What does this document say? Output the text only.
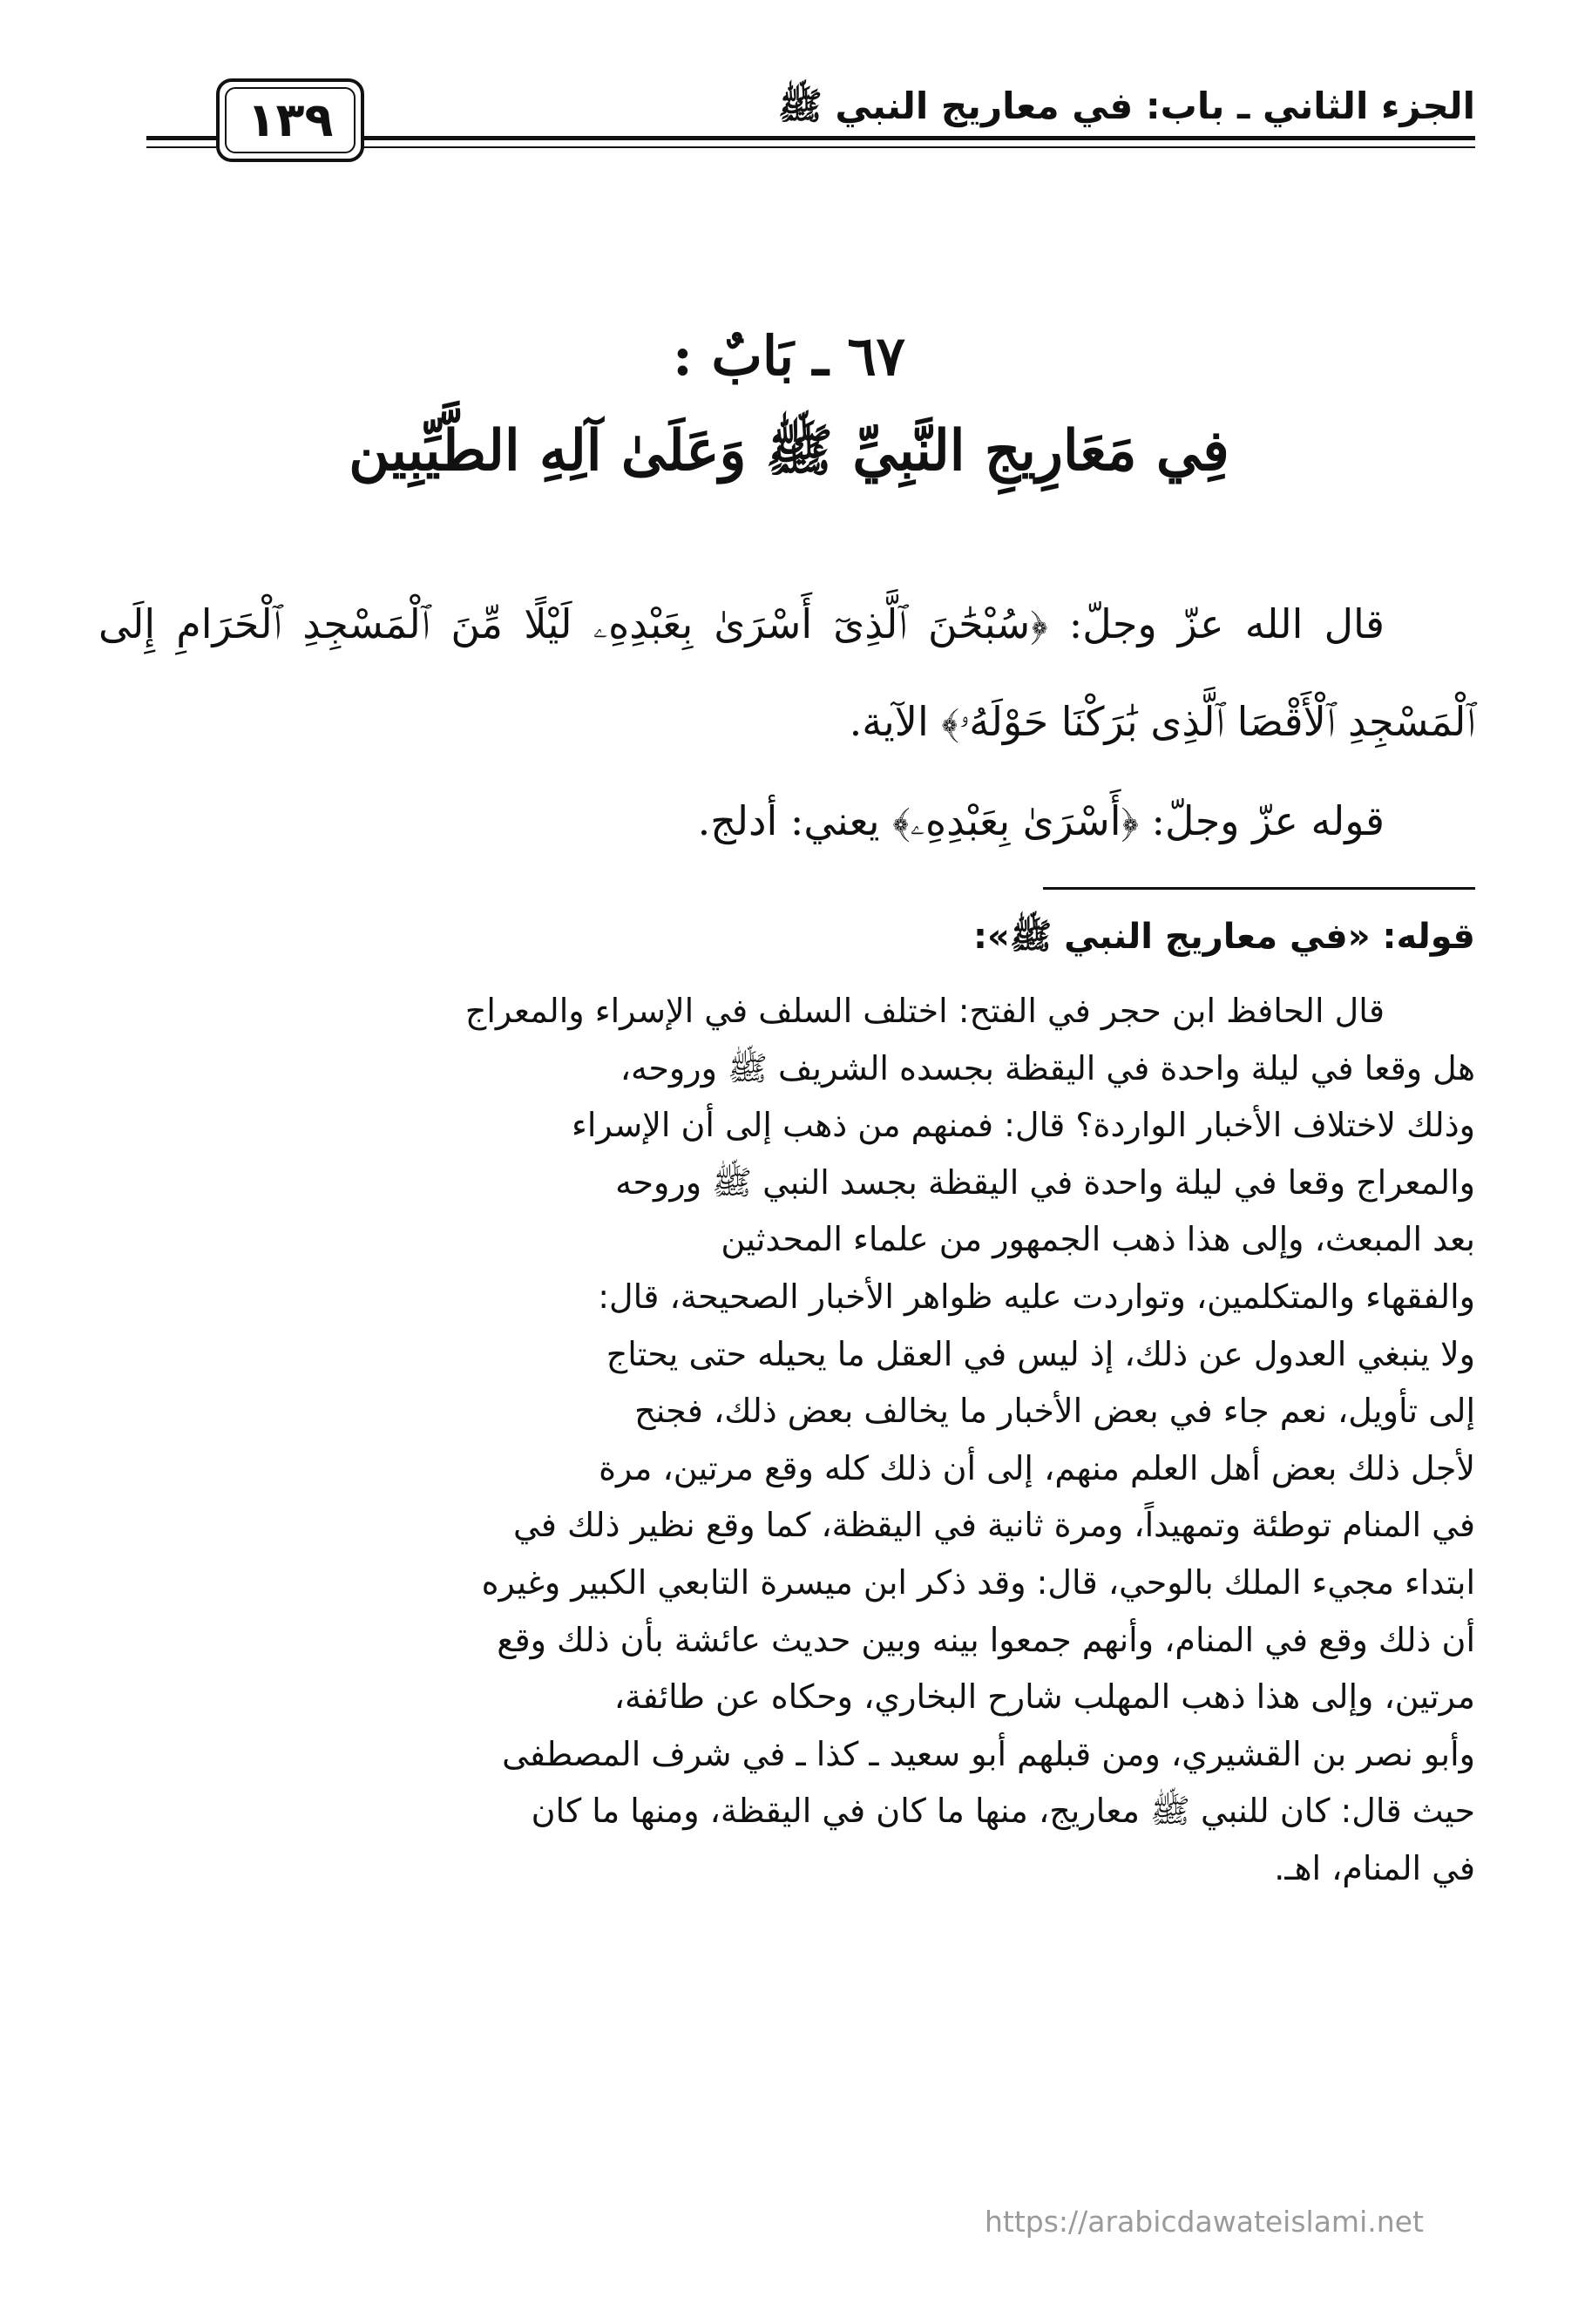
الجزء الثاني ـ باب: في معاريج النبي ﷺ
١٣٩
٦٧ ـ بَابٌ :
فِي مَعَارِيجِ النَّبِيِّ ﷺ وَعَلَىٰ آلِهِ الطَّيِّبِين
قال الله عزّ وجلّ: ﴿سُبْحَٰنَ ٱلَّذِىٓ أَسْرَىٰ بِعَبْدِهِۦ لَيْلًا مِّنَ ٱلْمَسْجِدِ ٱلْحَرَامِ إِلَى ٱلْمَسْجِدِ ٱلْأَقْصَا ٱلَّذِى بَٰرَكْنَا حَوْلَهُۥ﴾ الآية.
قوله عزّ وجلّ: ﴿أَسْرَىٰ بِعَبْدِهِۦ﴾ يعني: أدلج.
قوله: «في معاريج النبي ﷺ»:
قال الحافظ ابن حجر في الفتح: اختلف السلف في الإسراء والمعراج
هل وقعا في ليلة واحدة في اليقظة بجسده الشريف ﷺ وروحه،
وذلك لاختلاف الأخبار الواردة؟ قال: فمنهم من ذهب إلى أن الإسراء
والمعراج وقعا في ليلة واحدة في اليقظة بجسد النبي ﷺ وروحه
بعد المبعث، وإلى هذا ذهب الجمهور من علماء المحدثين
والفقهاء والمتكلمين، وتواردت عليه ظواهر الأخبار الصحيحة، قال:
ولا ينبغي العدول عن ذلك، إذ ليس في العقل ما يحيله حتى يحتاج
إلى تأويل، نعم جاء في بعض الأخبار ما يخالف بعض ذلك، فجنح
لأجل ذلك بعض أهل العلم منهم، إلى أن ذلك كله وقع مرتين، مرة
في المنام توطئة وتمهيداً، ومرة ثانية في اليقظة، كما وقع نظير ذلك في
ابتداء مجيء الملك بالوحي، قال: وقد ذكر ابن ميسرة التابعي الكبير وغيره
أن ذلك وقع في المنام، وأنهم جمعوا بينه وبين حديث عائشة بأن ذلك وقع
مرتين، وإلى هذا ذهب المهلب شارح البخاري، وحكاه عن طائفة،
وأبو نصر بن القشيري، ومن قبلهم أبو سعيد ـ كذا ـ في شرف المصطفى
حيث قال: كان للنبي ﷺ معاريج، منها ما كان في اليقظة، ومنها ما كان
في المنام، اهـ.
https://arabicdawateislami.net
